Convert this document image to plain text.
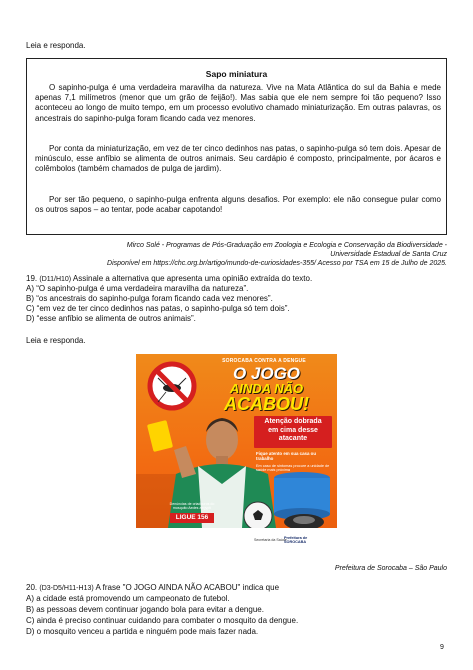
Leia e responda.
Sapo miniatura
O sapinho-pulga é uma verdadeira maravilha da natureza. Vive na Mata Atlântica do sul da Bahia e mede apenas 7,1 milímetros (menor que um grão de feijão!). Mas sabia que ele nem sempre foi tão pequeno? Isso aconteceu ao longo de muito tempo, em um processo evolutivo chamado miniaturização. Em outras palavras, os ancestrais do sapinho-pulga foram ficando cada vez menores.
Por conta da miniaturização, em vez de ter cinco dedinhos nas patas, o sapinho-pulga só tem dois. Apesar de minúsculo, esse anfíbio se alimenta de outros animais. Seu cardápio é composto, principalmente, por ácaros e colêmbolos (também chamados de pulga de jardim).
Por ser tão pequeno, o sapinho-pulga enfrenta alguns desafios. Por exemplo: ele não consegue pular como os outros sapos – ao tentar, pode acabar capotando!
Mirco Solé - Programas de Pós-Graduação em Zoologia e Ecologia e Conservação da Biodiversidade -
Universidade Estadual de Santa Cruz
Disponível em https://chc.org.br/artigo/mundo-de-curiosidades-355/ Acesso por TSA em 15 de Julho de 2025.
19. (D11/H10) Assinale a alternativa que apresenta uma opinião extraída do texto.
A) “O sapinho-pulga é uma verdadeira maravilha da natureza”.
B) “os ancestrais do sapinho-pulga foram ficando cada vez menores”.
C) “em vez de ter cinco dedinhos nas patas, o sapinho-pulga só tem dois”.
D) “esse anfíbio se alimenta de outros animais”.
Leia e responda.
SOROCABA CONTRA A DENGUE
O JOGO
AINDA NÃO
ACABOU!
Atenção dobrada
em cima desse
atacante
Fique atento em sua casa ou trabalho
Em caso de sintomas procure a unidade de saúde mais próxima
Denúncias de criadouros do mosquito Aedes aegypti
LIGUE 156
Secretaria da Saúde
Prefeitura de SOROCABA
Prefeitura de Sorocaba – São Paulo
20. (D3-D5/H11-H13) A frase "O JOGO AINDA NÃO ACABOU" indica que
A) a cidade está promovendo um campeonato de futebol.
B) as pessoas devem continuar jogando bola para evitar a dengue.
C) ainda é preciso continuar cuidando para combater o mosquito da dengue.
D) o mosquito venceu a partida e ninguém pode mais fazer nada.
9
